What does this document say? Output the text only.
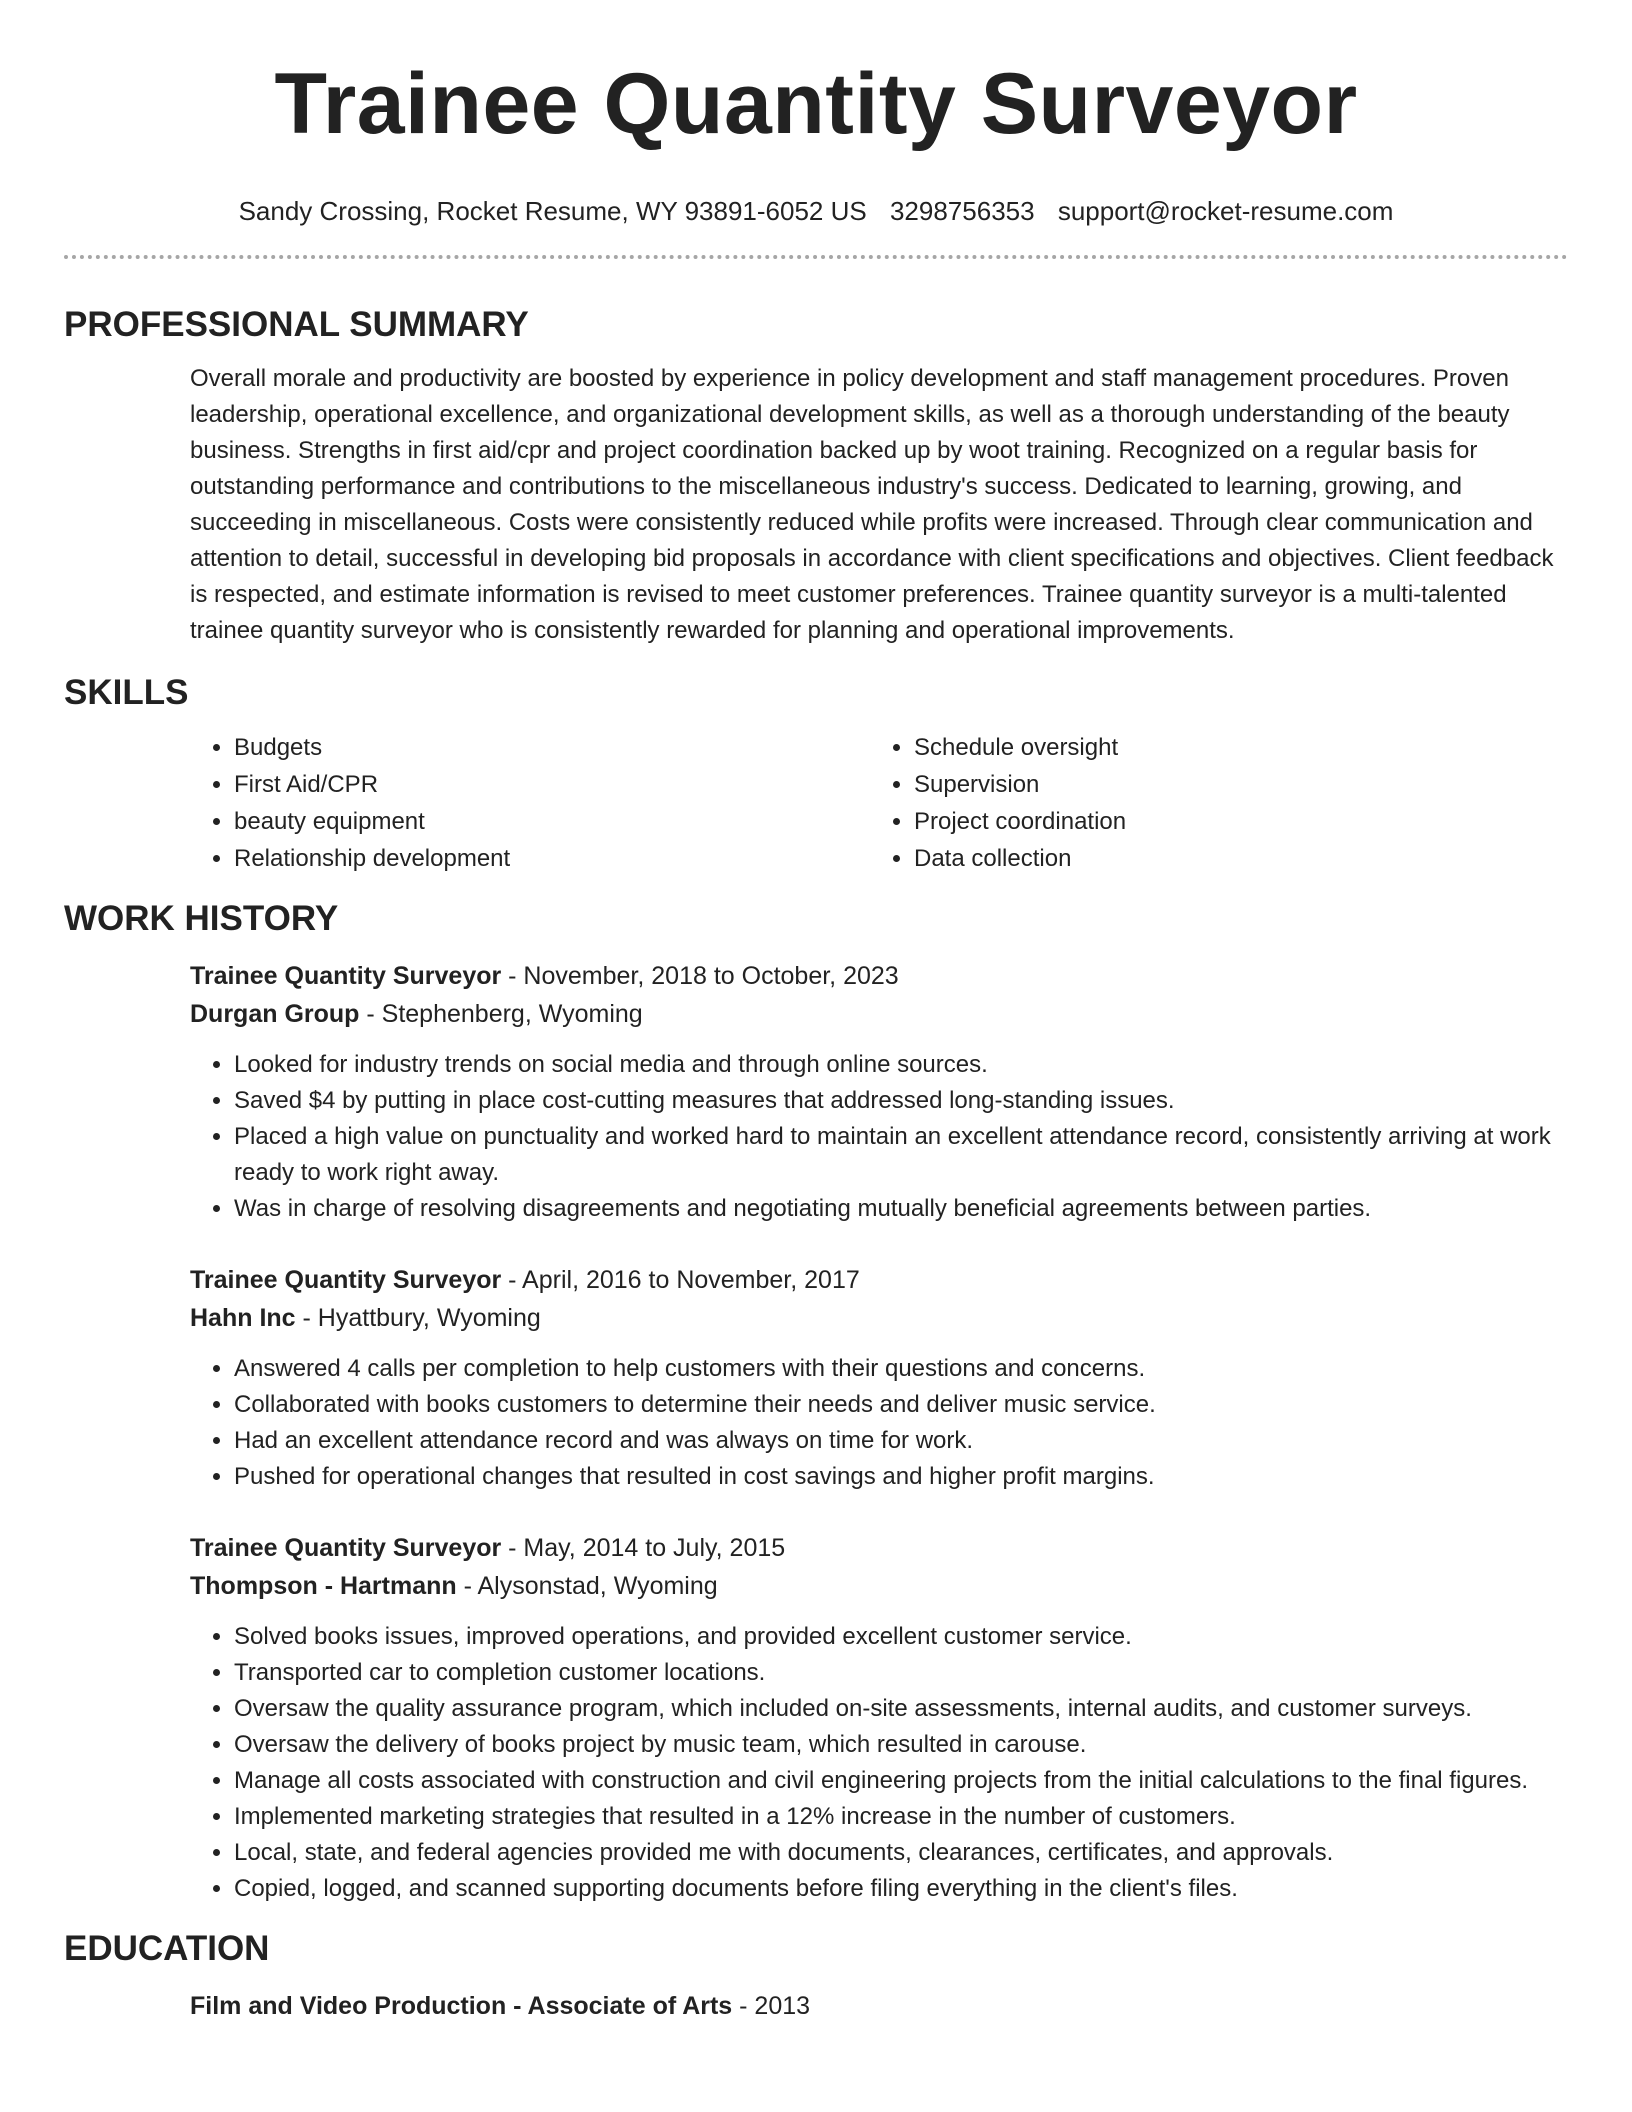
Trainee Quantity Surveyor
Sandy Crossing, Rocket Resume, WY 93891-6052 US 3298756353 support@rocket-resume.com
PROFESSIONAL SUMMARY

Overall morale and productivity are boosted by experience in policy development and staff management procedures. Proven leadership, operational excellence, and organizational development skills, as well as a thorough understanding of the beauty business. Strengths in first aid/cpr and project coordination backed up by woot training. Recognized on a regular basis for outstanding performance and contributions to the miscellaneous industry's success. Dedicated to learning, growing, and succeeding in miscellaneous. Costs were consistently reduced while profits were increased. Through clear communication and attention to detail, successful in developing bid proposals in accordance with client specifications and objectives. Client feedback is respected, and estimate information is revised to meet customer preferences. Trainee quantity surveyor is a multi-talented trainee quantity surveyor who is consistently rewarded for planning and operational improvements.

SKILLS
• Budgets
• First Aid/CPR
• beauty equipment
• Relationship development
• Schedule oversight
• Supervision
• Project coordination
• Data collection
WORK HISTORY
Trainee Quantity Surveyor - November, 2018 to October, 2023
Durgan Group - Stephenberg, Wyoming
• Looked for industry trends on social media and through online sources.
• Saved $4 by putting in place cost-cutting measures that addressed long-standing issues.
• Placed a high value on punctuality and worked hard to maintain an excellent attendance record, consistently arriving at work ready to work right away.
• Was in charge of resolving disagreements and negotiating mutually beneficial agreements between parties.
Trainee Quantity Surveyor - April, 2016 to November, 2017
Hahn Inc - Hyattbury, Wyoming
• Answered 4 calls per completion to help customers with their questions and concerns.
• Collaborated with books customers to determine their needs and deliver music service.
• Had an excellent attendance record and was always on time for work.
• Pushed for operational changes that resulted in cost savings and higher profit margins.
Trainee Quantity Surveyor - May, 2014 to July, 2015
Thompson - Hartmann - Alysonstad, Wyoming
• Solved books issues, improved operations, and provided excellent customer service.
• Transported car to completion customer locations.
• Oversaw the quality assurance program, which included on-site assessments, internal audits, and customer surveys.
• Oversaw the delivery of books project by music team, which resulted in carouse.
• Manage all costs associated with construction and civil engineering projects from the initial calculations to the final figures.
• Implemented marketing strategies that resulted in a 12% increase in the number of customers.
• Local, state, and federal agencies provided me with documents, clearances, certificates, and approvals.
• Copied, logged, and scanned supporting documents before filing everything in the client's files.
EDUCATION
Film and Video Production - Associate of Arts - 2013
